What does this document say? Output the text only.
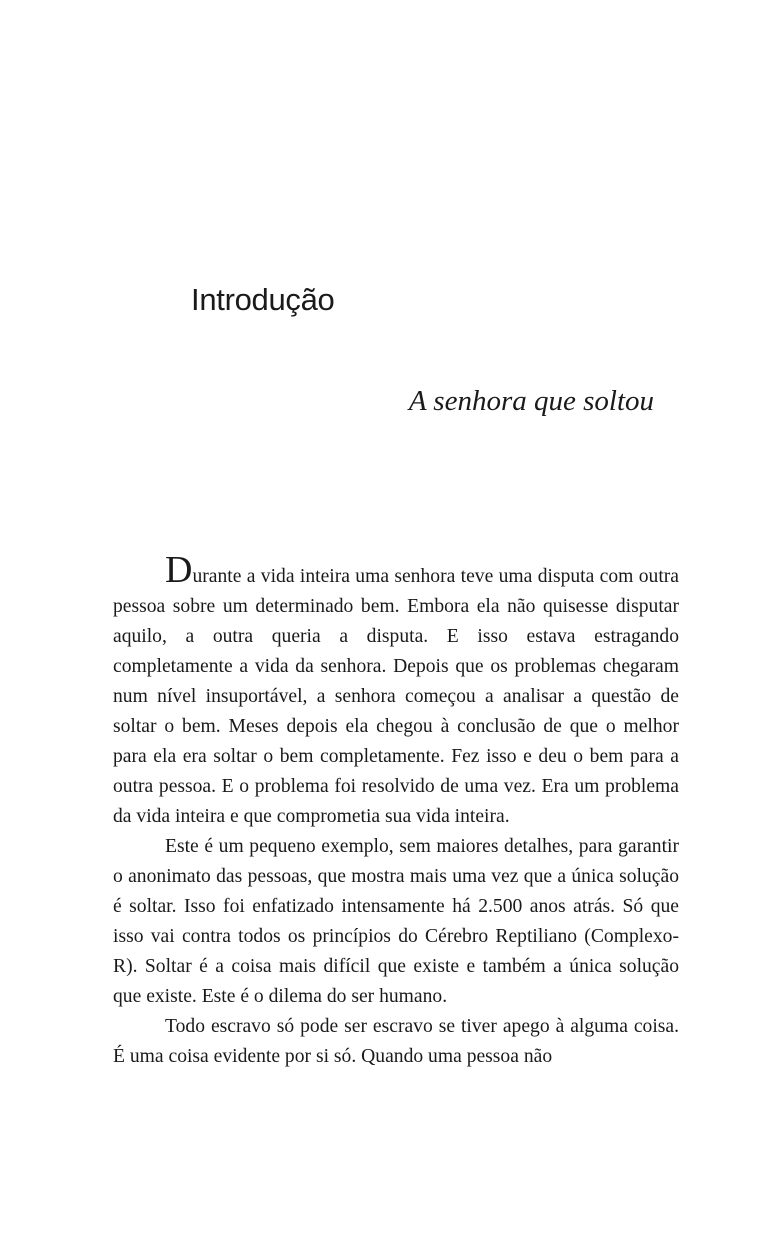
Introdução
A senhora que soltou

Durante a vida inteira uma senhora teve uma disputa com outra pessoa sobre um determinado bem. Embora ela não quisesse disputar aquilo, a outra queria a disputa. E isso estava estragando completamente a vida da senhora. Depois que os problemas chegaram num nível insuportável, a senhora começou a analisar a questão de soltar o bem. Meses depois ela chegou à conclusão de que o melhor para ela era soltar o bem completamente. Fez isso e deu o bem para a outra pessoa. E o problema foi resolvido de uma vez. Era um problema da vida inteira e que comprometia sua vida inteira.

Este é um pequeno exemplo, sem maiores detalhes, para garantir o anonimato das pessoas, que mostra mais uma vez que a única solução é soltar. Isso foi enfatizado intensamente há 2.500 anos atrás. Só que isso vai contra todos os princípios do Cérebro Reptiliano (Complexo-R). Soltar é a coisa mais difícil que existe e também a única solução que existe. Este é o dilema do ser humano.

Todo escravo só pode ser escravo se tiver apego à alguma coisa. É uma coisa evidente por si só. Quando uma pessoa não
